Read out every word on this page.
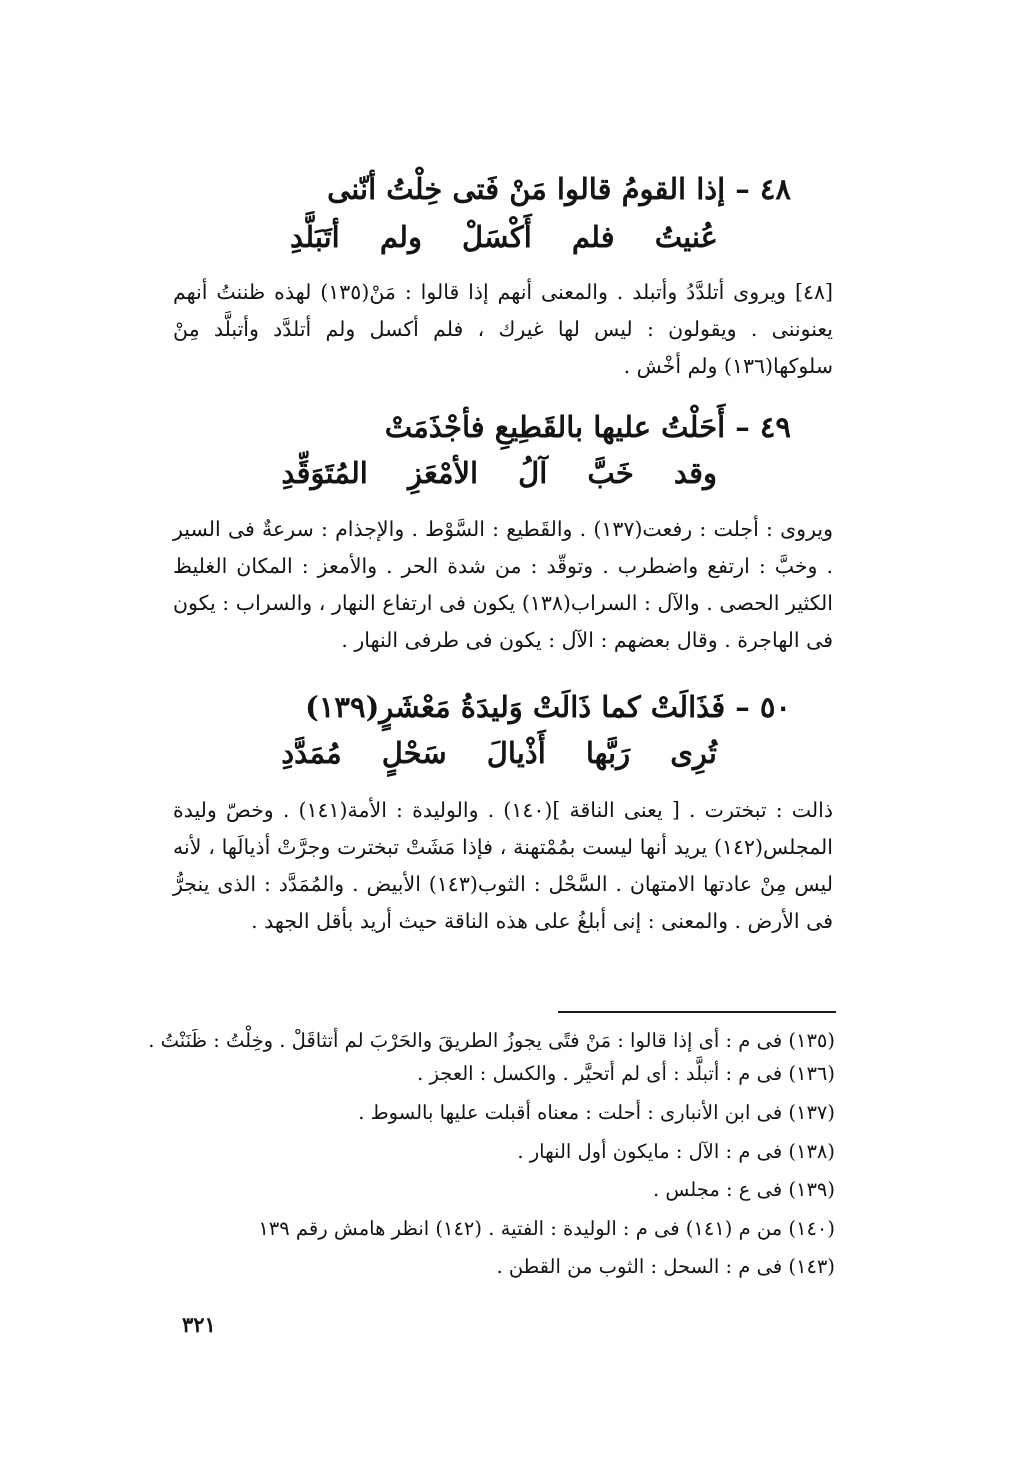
٤٨ –إذا القومُ قالوا مَنْ فَتى خِلْتُ أنّنى
عُنيتُ فلم أَكْسَلْ ولم أتَبَلَّدِ
[٤٨] ويروى أتلدَّدُ وأتبلد . والمعنى أنهم إذا قالوا : مَنْ(١٣٥) لهذه ظننتُ أنهم يعنوننى . ويقولون : ليس لها غيرك ، فلم أكسل ولم أتلدَّد وأتبلَّد مِنْ سلوكها(١٣٦) ولم أخْش .
٤٩ –أَحَلْتُ عليها بالقَطِيعِ فأجْذَمَتْ
وقد خَبَّ آلُ الأمْعَزِ المُتَوَقِّدِ
ويروى : أجلت : رفعت(١٣٧) . والقَطيع : السَّوْط . والإجذام : سرعةٌ فى السير . وخبَّ : ارتفع واضطرب . وتوقّد : من شدة الحر . والأمعز : المكان الغليظ الكثير الحصى . والآل : السراب(١٣٨) يكون فى ارتفاع النهار ، والسراب : يكون فى الهاجرة . وقال بعضهم : الآل : يكون فى طرفى النهار .
٥٠ –فَذَالَتْ كما ذَالَتْ وَليدَةُ مَعْشَرٍ(١٣٩)
تُرِى رَبَّها أَذْيالَ سَحْلٍ مُمَدَّدِ
ذالت : تبخترت . [ يعنى الناقة ](١٤٠) . والوليدة : الأمة(١٤١) . وخصّ وليدة المجلس(١٤٢) يريد أنها ليست بمُمْتهنة ، فإذا مَشَتْ تبخترت وجرَّتْ أذيالَها ، لأنه ليس مِنْ عادتها الامتهان . السَّحْل : الثوب(١٤٣) الأبيض . والمُمَدَّد : الذى ينجرُّ فى الأرض . والمعنى : إنى أبلغُ على هذه الناقة حيث أريد بأقل الجهد .
(١٣٥) فى م : أى إذا قالوا : مَنْ فتًى يجوزُ الطريقَ والحَرْبَ لم أتثاقَلْ . وخِلْتُ : ظَنَنْتُ . (١٣٦) فى م : أتبلَّد : أى لم أتحيَّر . والكسل : العجز .
(١٣٧) فى ابن الأنبارى : أحلت : معناه أقبلت عليها بالسوط .
(١٣٨) فى م : الآل : مايكون أول النهار .
(١٣٩) فى ع : مجلس .
(١٤٠) من م (١٤١) فى م : الوليدة : الفتية . (١٤٢) انظر هامش رقم ١٣٩
(١٤٣) فى م : السحل : الثوب من القطن .
٣٢١
